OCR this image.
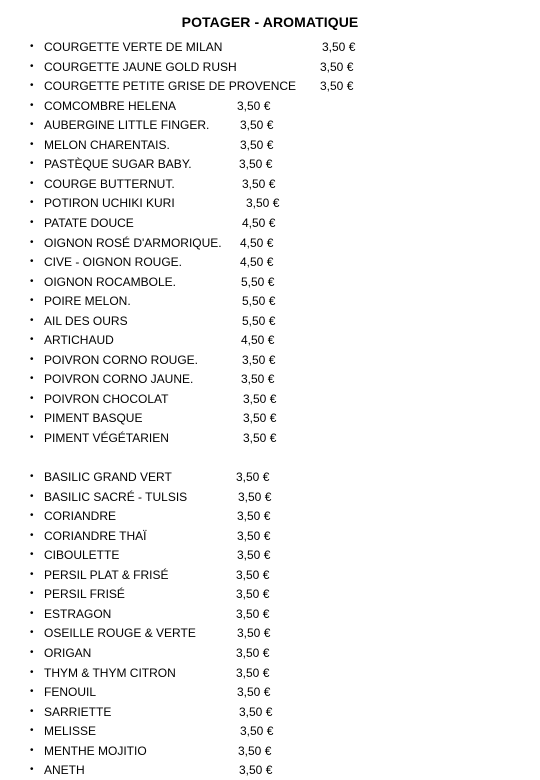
POTAGER - AROMATIQUE
• COURGETTE VERTE DE MILAN	3,50 €
• COURGETTE JAUNE GOLD RUSH	3,50 €
• COURGETTE PETITE GRISE DE PROVENCE 3,50 €
• COMCOMBRE HELENA	3,50 €
• AUBERGINE LITTLE FINGER.	3,50 €
• MELON CHARENTAIS.	3,50 €
• PASTÈQUE SUGAR BABY.	3,50 €
• COURGE BUTTERNUT.	3,50 €
• POTIRON UCHIKI KURI	3,50 €
• PATATE DOUCE	4,50 €
• OIGNON ROSÉ D'ARMORIQUE. 4,50 €
• CIVE - OIGNON ROUGE.	4,50 €
• OIGNON ROCAMBOLE.	5,50 €
• POIRE MELON.	5,50 €
• AIL DES OURS	5,50 €
• ARTICHAUD	4,50 €
• POIVRON CORNO ROUGE.	3,50 €
• POIVRON CORNO JAUNE.	3,50 €
• POIVRON CHOCOLAT	3,50 €
• PIMENT BASQUE	3,50 €
• PIMENT VÉGÉTARIEN	3,50 €
• BASILIC GRAND VERT	3,50 €
• BASILIC SACRÉ - TULSIS	3,50 €
• CORIANDRE	3,50 €
• CORIANDRE THAÏ	3,50 €
• CIBOULETTE	3,50 €
• PERSIL PLAT & FRISÉ	3,50 €
• PERSIL FRISÉ	3,50 €
• ESTRAGON	3,50 €
• OSEILLE ROUGE & VERTE	3,50 €
• ORIGAN	3,50 €
• THYM & THYM CITRON	3,50 €
• FENOUIL	3,50 €
• SARRIETTE	3,50 €
• MELISSE	3,50 €
• MENTHE MOJITIO	3,50 €
• ANETH	3,50 €
